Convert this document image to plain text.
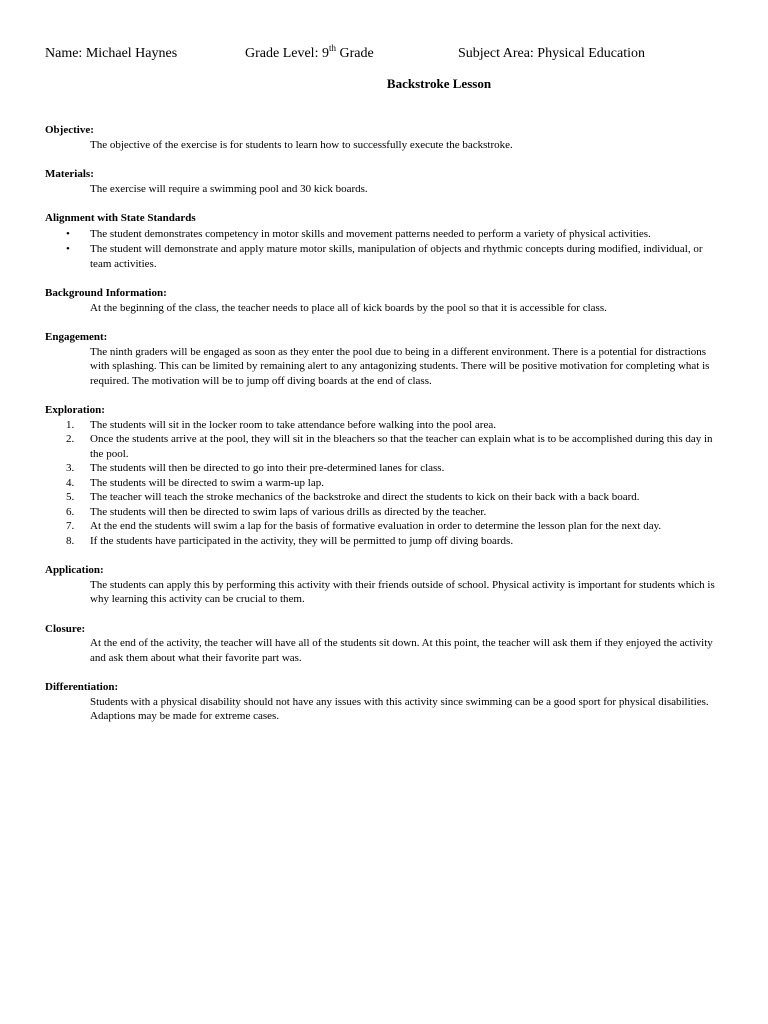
Name: Michael Haynes	Grade Level: 9th Grade	Subject Area: Physical Education
Backstroke Lesson

Objective:

The objective of the exercise is for students to learn how to successfully execute the backstroke.

Materials:

The exercise will require a swimming pool and 30 kick boards.

Alignment with State Standards

• The student demonstrates competency in motor skills and movement patterns needed to perform a variety of physical activities.
• The student will demonstrate and apply mature motor skills, manipulation of objects and rhythmic concepts during modified, individual, or team activities.

Background Information:

At the beginning of the class, the teacher needs to place all of kick boards by the pool so that it is accessible for class.

Engagement:

The ninth graders will be engaged as soon as they enter the pool due to being in a different environment. There is a potential for distractions with splashing. This can be limited by remaining alert to any antagonizing students. There will be positive motivation for completing what is required. The motivation will be to jump off diving boards at the end of class.

Exploration:

1. The students will sit in the locker room to take attendance before walking into the pool area.
2. Once the students arrive at the pool, they will sit in the bleachers so that the teacher can explain what is to be accomplished during this day in the pool.
3. The students will then be directed to go into their pre-determined lanes for class.
4. The students will be directed to swim a warm-up lap.
5. The teacher will teach the stroke mechanics of the backstroke and direct the students to kick on their back with a back board.
6. The students will then be directed to swim laps of various drills as directed by the teacher.
7. At the end the students will swim a lap for the basis of formative evaluation in order to determine the lesson plan for the next day.
8. If the students have participated in the activity, they will be permitted to jump off diving boards.

Application:

The students can apply this by performing this activity with their friends outside of school. Physical activity is important for students which is why learning this activity can be crucial to them.

Closure:

At the end of the activity, the teacher will have all of the students sit down. At this point, the teacher will ask them if they enjoyed the activity and ask them about what their favorite part was.

Differentiation:

Students with a physical disability should not have any issues with this activity since swimming can be a good sport for physical disabilities. Adaptions may be made for extreme cases.
